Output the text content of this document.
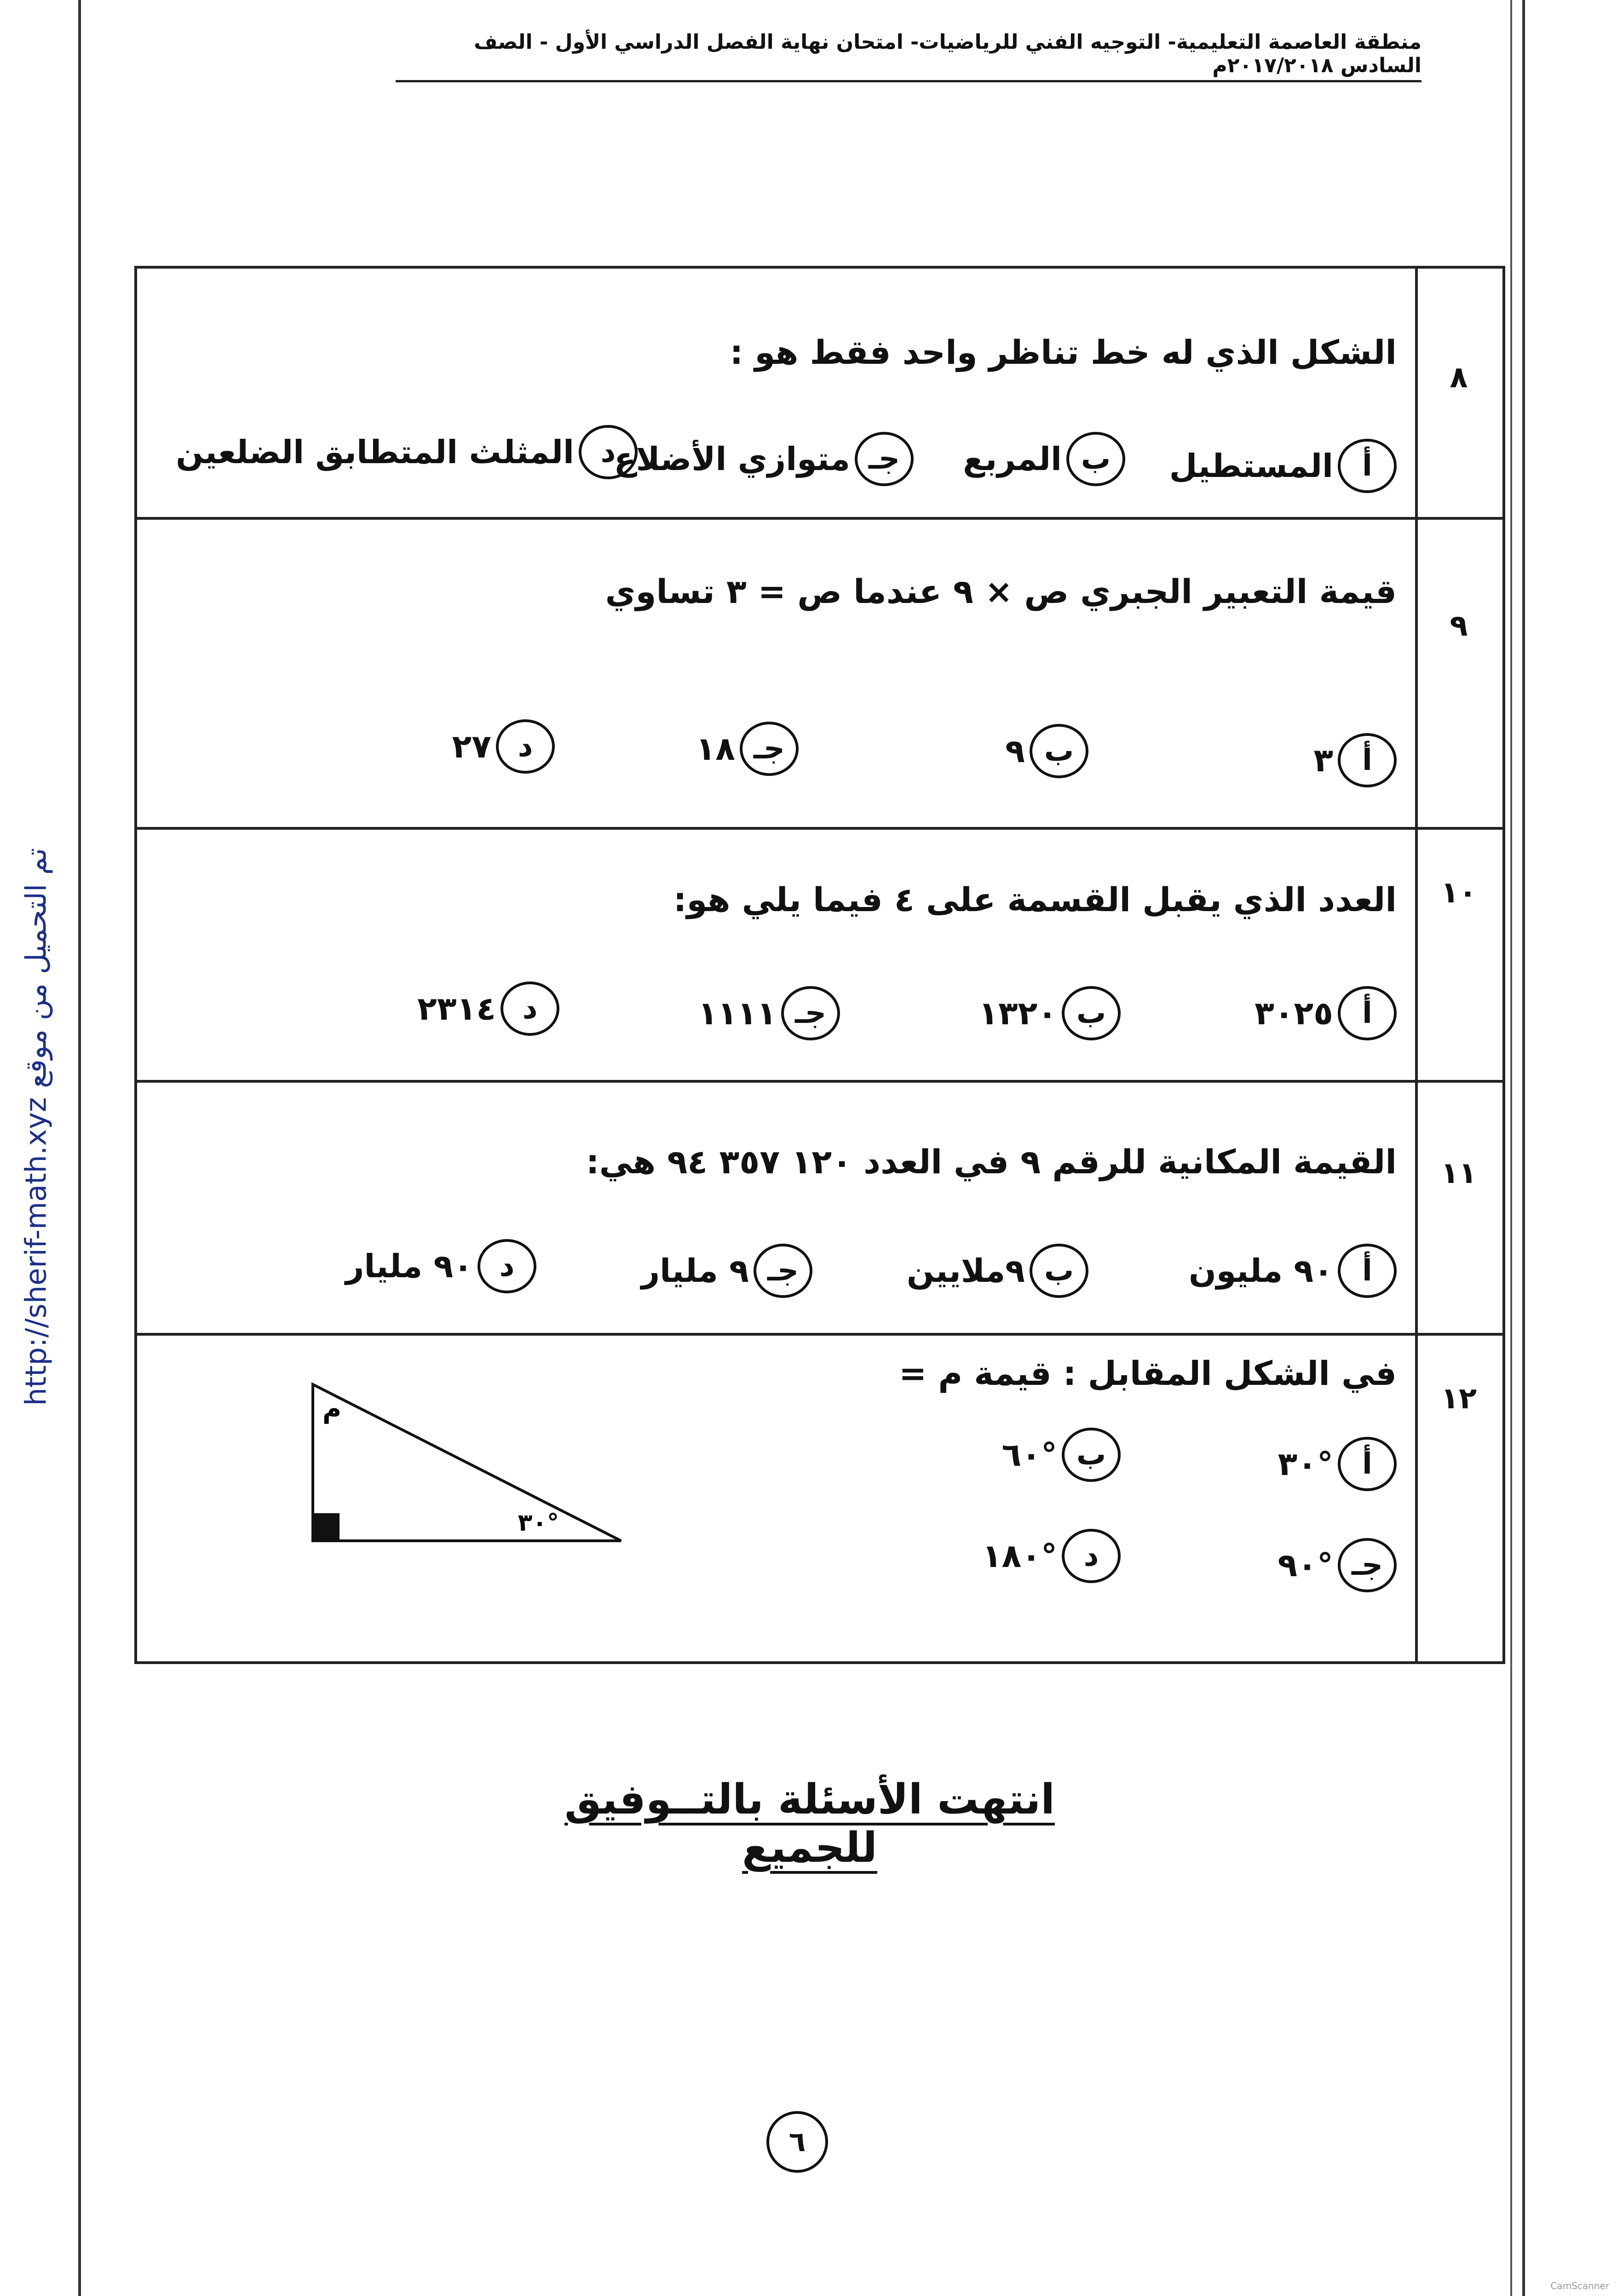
منطقة العاصمة التعليمية- التوجيه الفني للرياضيات- امتحان نهاية الفصل الدراسي الأول - الصف السادس ٢٠١٧/٢٠١٨م
تم التحميل من موقع http://sherif-math.xyz
٨
الشكل الذي له خط تناظر واحد فقط هو :
أ
المستطيل
ب
المربع
جـ
متوازي الأضلاع
د
المثلث المتطابق الضلعين
٩
قيمة التعبير الجبري ص × ٩ عندما ص = ٣ تساوي
أ
٣
ب
٩
جـ
١٨
د
٢٧
١٠
العدد الذي يقبل القسمة على ٤ فيما يلي هو:
أ
٣٠٢٥
ب
١٣٢٠
جـ
١١١١
د
٢٣١٤
١١
القيمة المكانية للرقم ٩ في العدد ١٢٠ ٣٥٧ ٩٤ هي:
أ
٩٠ مليون
ب
٩ملايين
جـ
٩ مليار
د
٩٠ مليار
١٢
في الشكل المقابل : قيمة م =
أ
°٣٠
ب
°٦٠
جـ
°٩٠
د
°١٨٠
م
°٣٠
انتهت الأسئلة بالتــوفيق للجميع
٦
CamScanner
